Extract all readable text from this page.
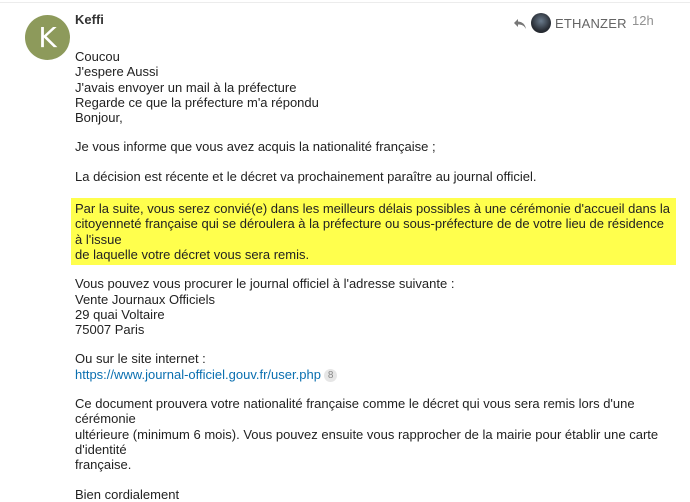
K
Keffi	ETHANZER 12h

Coucou

J'espere Aussi

J'avais envoyer un mail à la préfecture

Regarde ce que la préfecture m'a répondu

Bonjour,

Je vous informe que vous avez acquis la nationalité française ;

La décision est récente et le décret va prochainement paraître au journal officiel.

Par la suite, vous serez convié(e) dans les meilleurs délais possibles à une cérémonie d'accueil dans la

citoyenneté française qui se déroulera à la préfecture ou sous-préfecture de de votre lieu de résidence à l'issue

de laquelle votre décret vous sera remis.

Vous pouvez vous procurer le journal officiel à l'adresse suivante :

Vente Journaux Officiels

29 quai Voltaire

75007 Paris

Ou sur le site internet :

https://www.journal-officiel.gouv.fr/user.php 8

Ce document prouvera votre nationalité française comme le décret qui vous sera remis lors d'une cérémonie

ultérieure (minimum 6 mois). Vous pouvez ensuite vous rapprocher de la mairie pour établir une carte d'identité

française.

Bien cordialement
